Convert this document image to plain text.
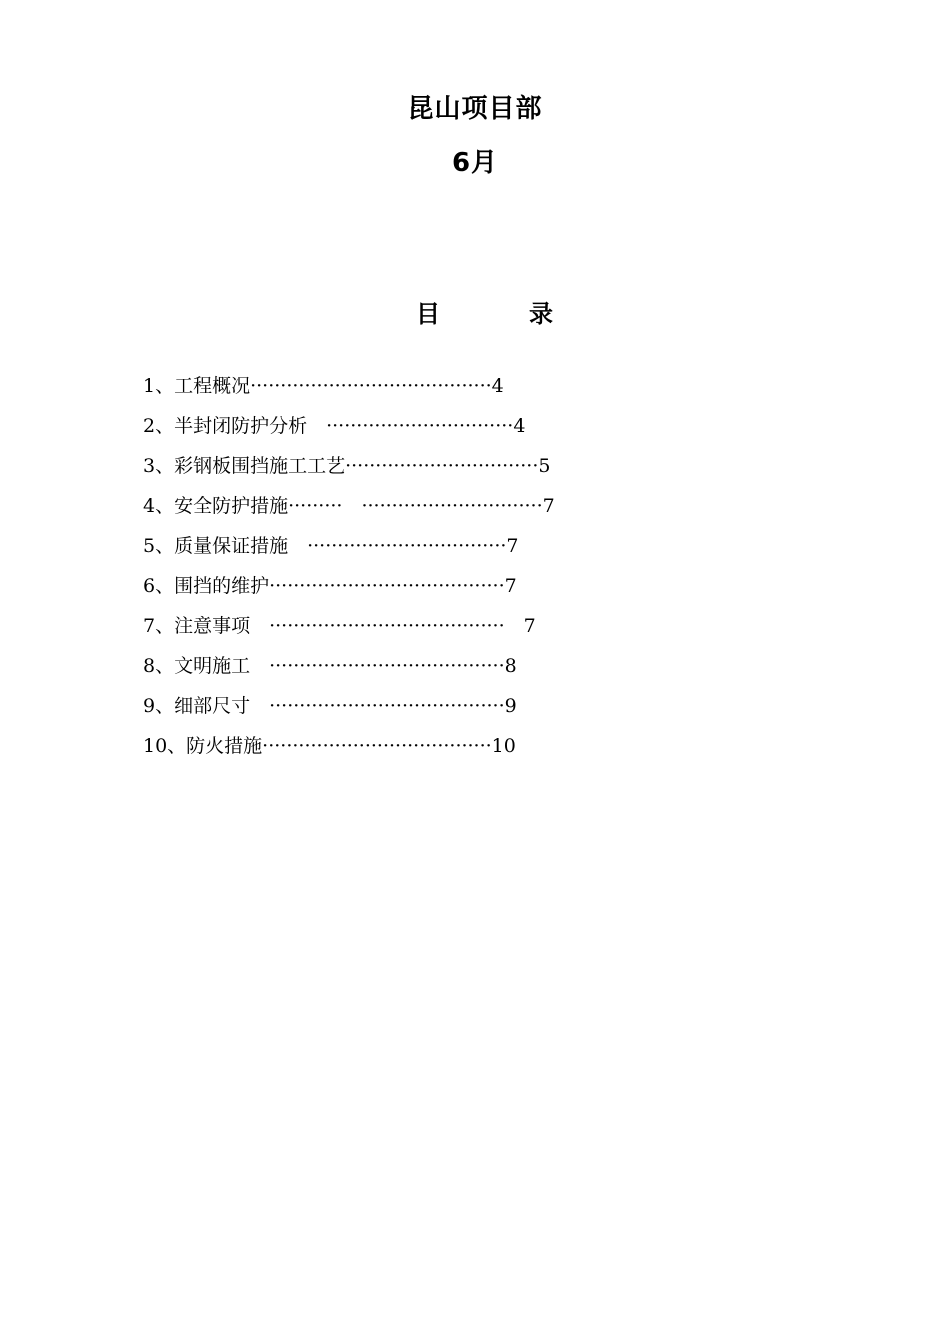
昆山项目部
6月
目	录
1、工程概况········································4
2、半封闭防护分析　·······························4
3、彩钢板围挡施工工艺································5
4、安全防护措施·········　······························7
5、质量保证措施　·································7
6、围挡的维护·······································7
7、注意事项　·······································　7
8、文明施工　·······································8
9、细部尺寸　·······································9
10、防火措施······································10
